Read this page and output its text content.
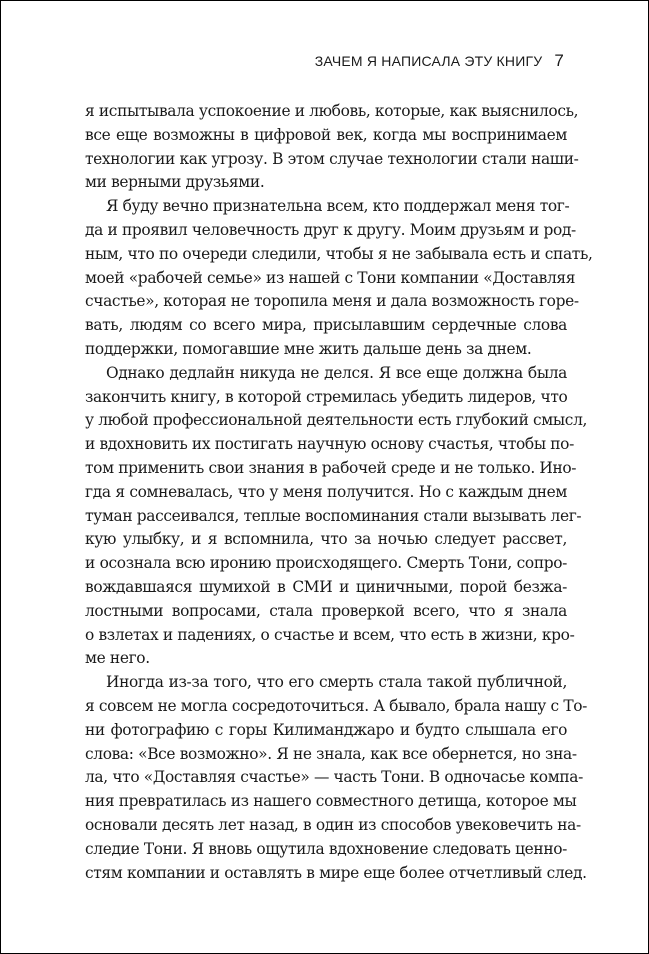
ЗАЧЕМ Я НАПИСАЛА ЭТУ КНИГУ 7
я испытывала успокоение и любовь, которые, как выяснилось,
все еще возможны в цифровой век, когда мы воспринимаем
технологии как угрозу. В этом случае технологии стали наши-
ми верными друзьями.
Я буду вечно признательна всем, кто поддержал меня тог-
да и проявил человечность друг к другу. Моим друзьям и род-
ным, что по очереди следили, чтобы я не забывала есть и спать,
моей «рабочей семье» из нашей с Тони компании «Доставляя
счастье», которая не торопила меня и дала возможность горе-
вать, людям со всего мира, присылавшим сердечные слова
поддержки, помогавшие мне жить дальше день за днем.
Однако дедлайн никуда не делся. Я все еще должна была
закончить книгу, в которой стремилась убедить лидеров, что
у любой профессиональной деятельности есть глубокий смысл,
и вдохновить их постигать научную основу счастья, чтобы по-
том применить свои знания в рабочей среде и не только. Ино-
гда я сомневалась, что у меня получится. Но с каждым днем
туман рассеивался, теплые воспоминания стали вызывать лег-
кую улыбку, и я вспомнила, что за ночью следует рассвет,
и осознала всю иронию происходящего. Смерть Тони, сопро-
вождавшаяся шумихой в СМИ и циничными, порой безжа-
лостными вопросами, стала проверкой всего, что я знала
о взлетах и падениях, о счастье и всем, что есть в жизни, кро-
ме него.
Иногда из-за того, что его смерть стала такой публичной,
я совсем не могла сосредоточиться. А бывало, брала нашу с То-
ни фотографию с горы Килиманджаро и будто слышала его
слова: «Все возможно». Я не знала, как все обернется, но зна-
ла, что «Доставляя счастье» — часть Тони. В одночасье компа-
ния превратилась из нашего совместного детища, которое мы
основали десять лет назад, в один из способов увековечить на-
следие Тони. Я вновь ощутила вдохновение следовать ценно-
стям компании и оставлять в мире еще более отчетливый след.
